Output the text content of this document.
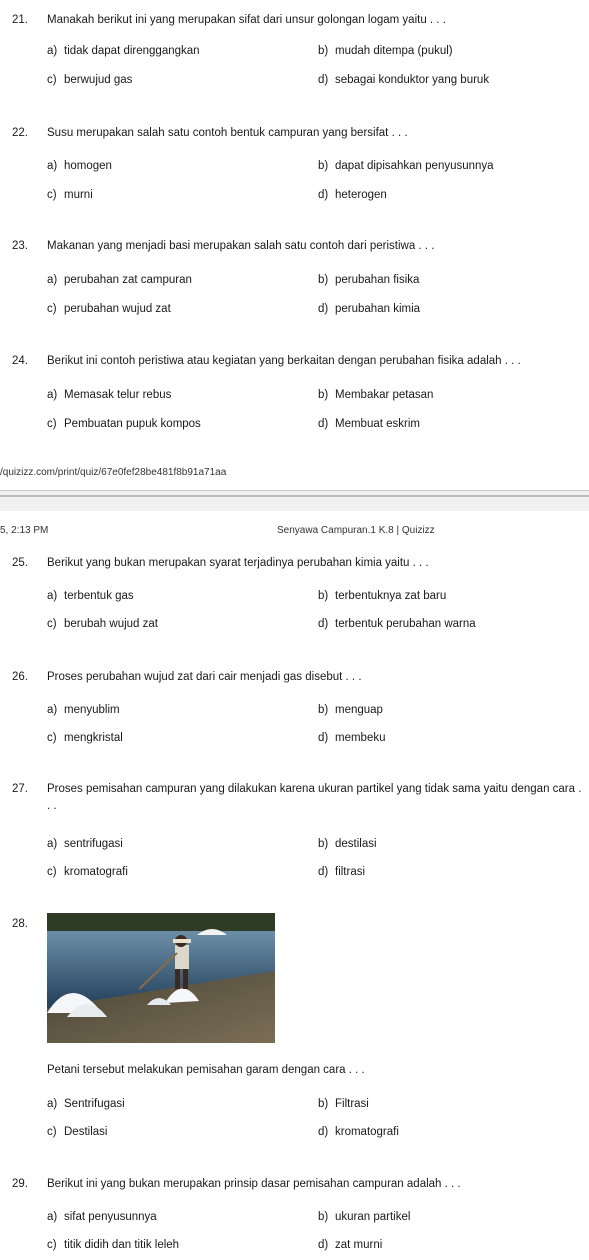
21. Manakah berikut ini yang merupakan sifat dari unsur golongan logam yaitu . . .
a) tidak dapat direnggangkan	b) mudah ditempa (pukul)
c) berwujud gas	d) sebagai konduktor yang buruk
22. Susu merupakan salah satu contoh bentuk campuran yang bersifat . . .
a) homogen	b) dapat dipisahkan penyusunnya
c) murni	d) heterogen
23. Makanan yang menjadi basi merupakan salah satu contoh dari peristiwa . . .
a) perubahan zat campuran	b) perubahan fisika
c) perubahan wujud zat	d) perubahan kimia
24. Berikut ini contoh peristiwa atau kegiatan yang berkaitan dengan perubahan fisika adalah . . .
a) Memasak telur rebus	b) Membakar petasan
c) Pembuatan pupuk kompos	d) Membuat eskrim
/quizizz.com/print/quiz/67e0fef28be481f8b91a71aa
5, 2:13 PM	Senyawa Campuran.1 K.8 | Quizizz
25. Berikut yang bukan merupakan syarat terjadinya perubahan kimia yaitu . . .
a) terbentuk gas	b) terbentuknya zat baru
c) berubah wujud zat	d) terbentuk perubahan warna
26. Proses perubahan wujud zat dari cair menjadi gas disebut . . .
a) menyublim	b) menguap
c) mengkristal	d) membeku
27. Proses pemisahan campuran yang dilakukan karena ukuran partikel yang tidak sama yaitu dengan cara . . .
a) sentrifugasi	b) destilasi
c) kromatografi	d) filtrasi
28.
Petani tersebut melakukan pemisahan garam dengan cara . . .
a) Sentrifugasi	b) Filtrasi
c) Destilasi	d) kromatografi
29. Berikut ini yang bukan merupakan prinsip dasar pemisahan campuran adalah . . .
a) sifat penyusunnya	b) ukuran partikel
c) titik didih dan titik leleh	d) zat murni
